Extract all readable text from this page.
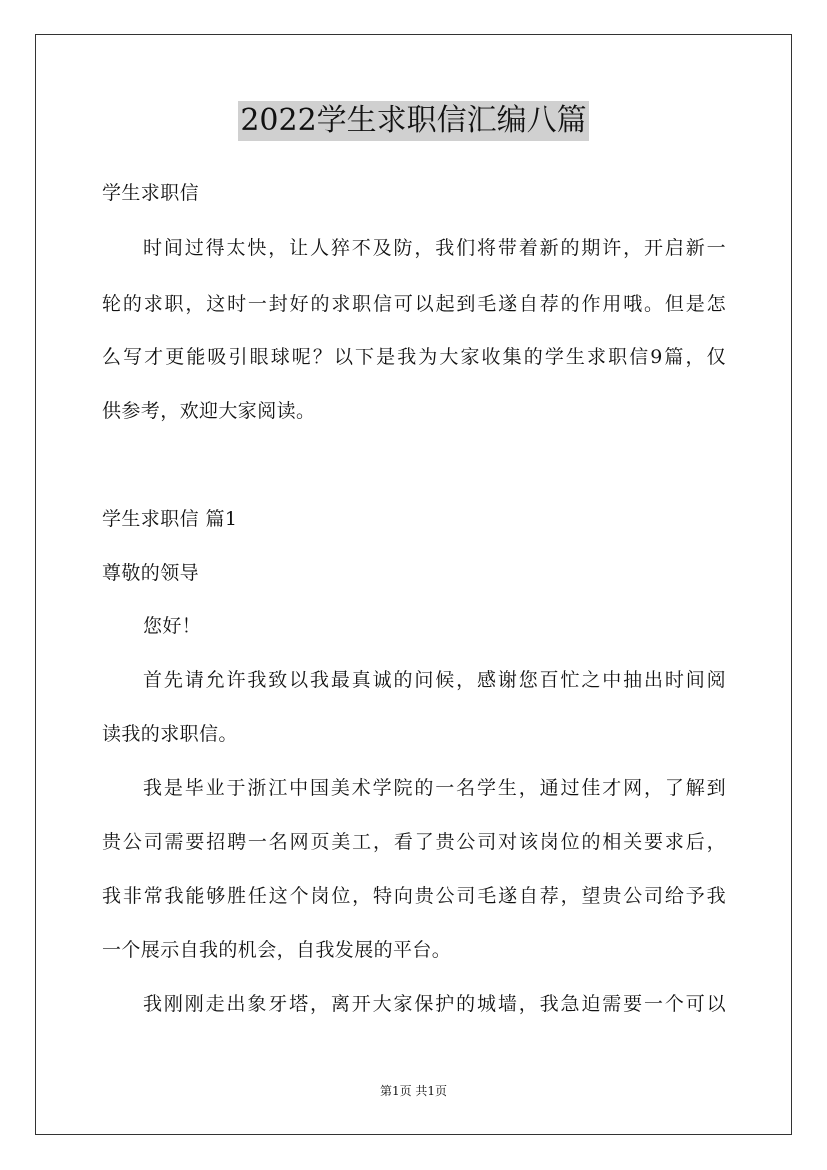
2022学生求职信汇编八篇
学生求职信
时间过得太快，让人猝不及防，我们将带着新的期许，开启新一
轮的求职，这时一封好的求职信可以起到毛遂自荐的作用哦。但是怎
么写才更能吸引眼球呢？以下是我为大家收集的学生求职信9篇，仅
供参考，欢迎大家阅读。
学生求职信 篇1
尊敬的领导
您好！
首先请允许我致以我最真诚的问候，感谢您百忙之中抽出时间阅
读我的求职信。
我是毕业于浙江中国美术学院的一名学生，通过佳才网，了解到
贵公司需要招聘一名网页美工，看了贵公司对该岗位的相关要求后，
我非常我能够胜任这个岗位，特向贵公司毛遂自荐，望贵公司给予我
一个展示自我的机会，自我发展的平台。
我刚刚走出象牙塔，离开大家保护的城墙，我急迫需要一个可以
第1页 共1页
